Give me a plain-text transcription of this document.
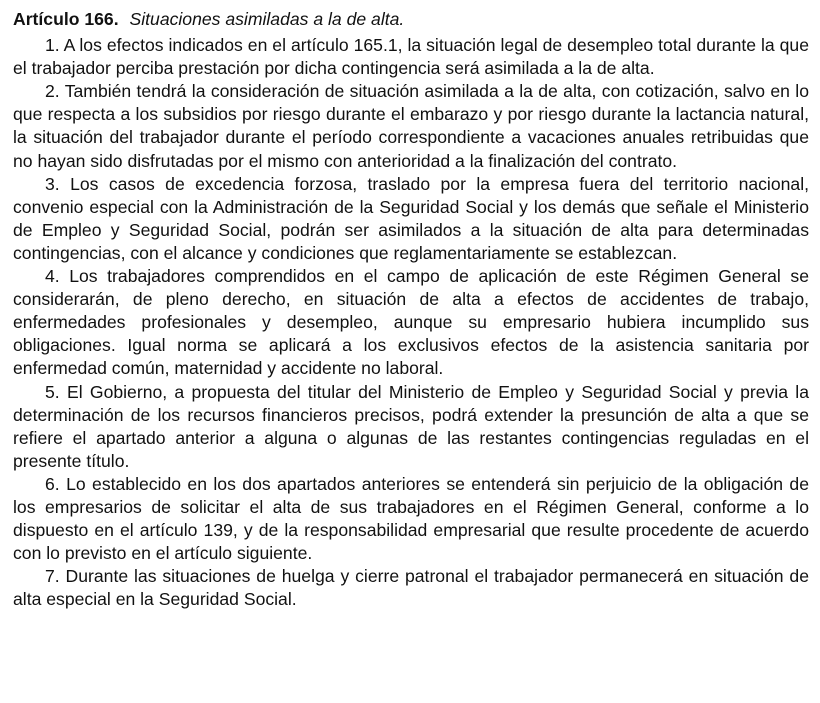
Artículo 166. Situaciones asimiladas a la de alta.

1. A los efectos indicados en el artículo 165.1, la situación legal de desempleo total durante la que el trabajador perciba prestación por dicha contingencia será asimilada a la de alta.

2. También tendrá la consideración de situación asimilada a la de alta, con cotización, salvo en lo que respecta a los subsidios por riesgo durante el embarazo y por riesgo durante la lactancia natural, la situación del trabajador durante el período correspondiente a vacaciones anuales retribuidas que no hayan sido disfrutadas por el mismo con anterioridad a la finalización del contrato.

3. Los casos de excedencia forzosa, traslado por la empresa fuera del territorio nacional, convenio especial con la Administración de la Seguridad Social y los demás que señale el Ministerio de Empleo y Seguridad Social, podrán ser asimilados a la situación de alta para determinadas contingencias, con el alcance y condiciones que reglamentariamente se establezcan.

4. Los trabajadores comprendidos en el campo de aplicación de este Régimen General se considerarán, de pleno derecho, en situación de alta a efectos de accidentes de trabajo, enfermedades profesionales y desempleo, aunque su empresario hubiera incumplido sus obligaciones. Igual norma se aplicará a los exclusivos efectos de la asistencia sanitaria por enfermedad común, maternidad y accidente no laboral.

5. El Gobierno, a propuesta del titular del Ministerio de Empleo y Seguridad Social y previa la determinación de los recursos financieros precisos, podrá extender la presunción de alta a que se refiere el apartado anterior a alguna o algunas de las restantes contingencias reguladas en el presente título.

6. Lo establecido en los dos apartados anteriores se entenderá sin perjuicio de la obligación de los empresarios de solicitar el alta de sus trabajadores en el Régimen General, conforme a lo dispuesto en el artículo 139, y de la responsabilidad empresarial que resulte procedente de acuerdo con lo previsto en el artículo siguiente.

7. Durante las situaciones de huelga y cierre patronal el trabajador permanecerá en situación de alta especial en la Seguridad Social.
